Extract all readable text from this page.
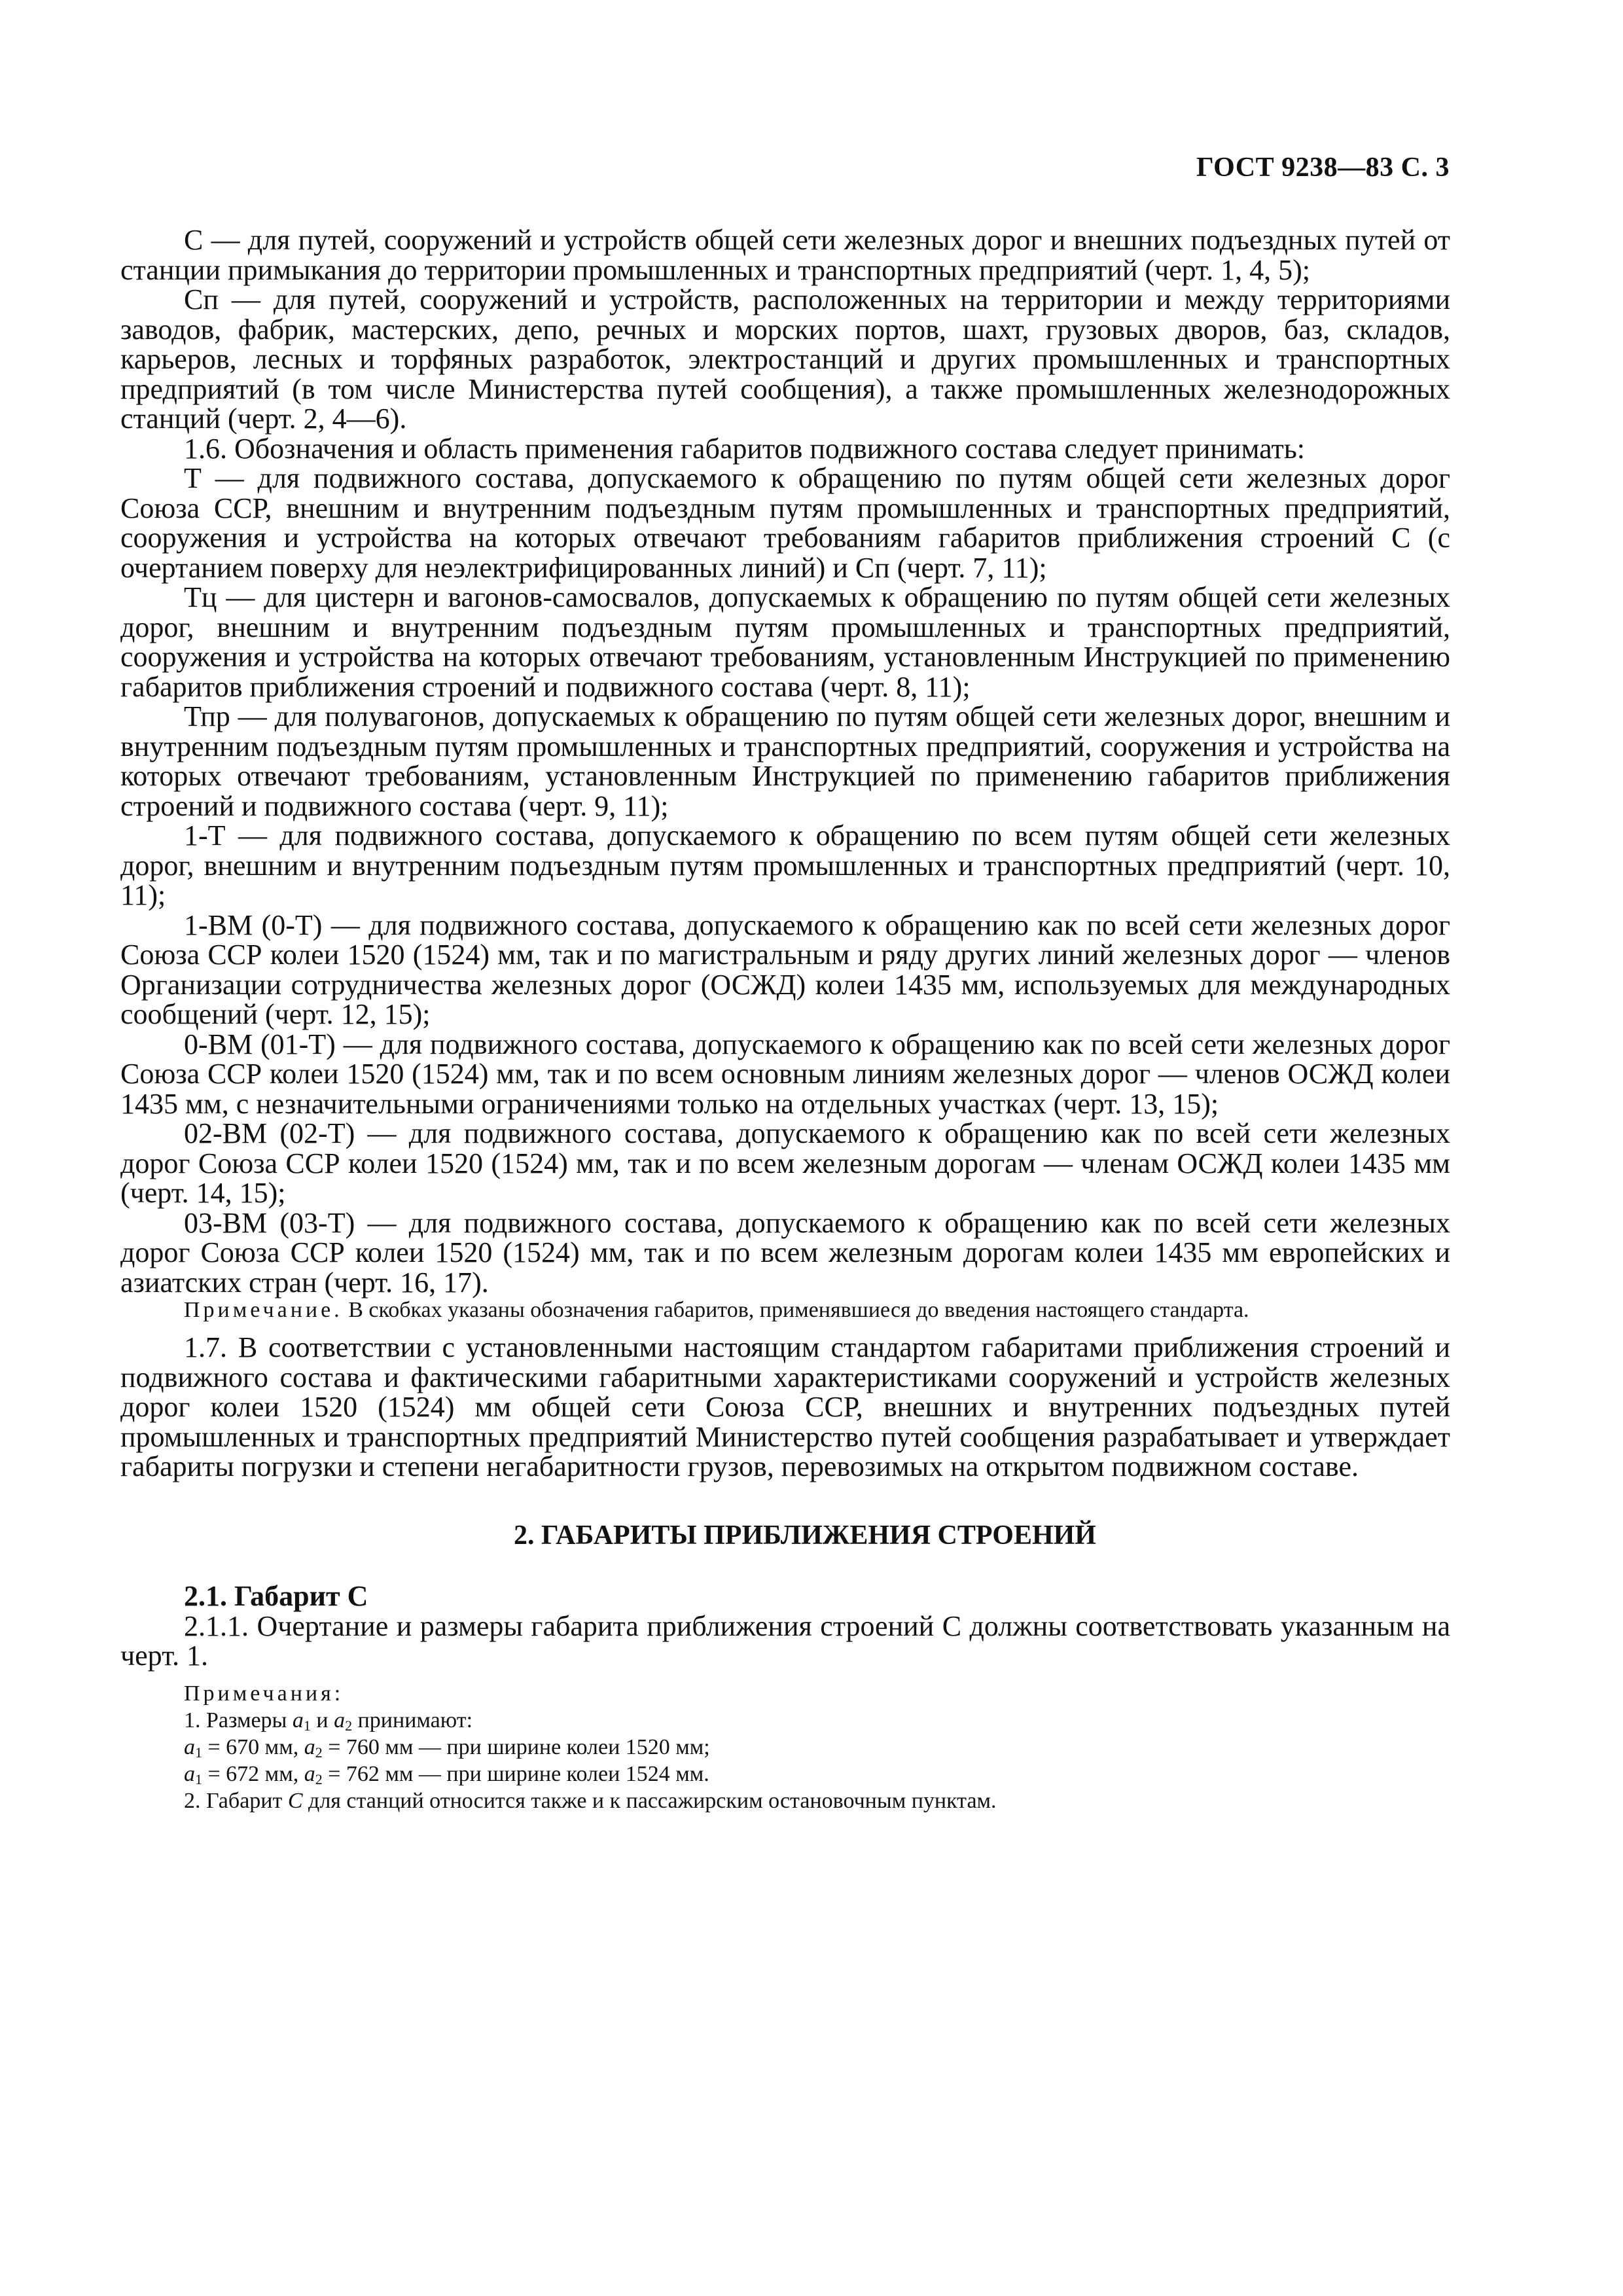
ГОСТ 9238—83 С. 3

С — для путей, сооружений и устройств общей сети железных дорог и внешних подъездных путей от станции примыкания до территории промышленных и транспортных предприятий (черт. 1, 4, 5);

Сп — для путей, сооружений и устройств, расположенных на территории и между территориями заводов, фабрик, мастерских, депо, речных и морских портов, шахт, грузовых дворов, баз, складов, карьеров, лесных и торфяных разработок, электростанций и других промышленных и транспортных предприятий (в том числе Министерства путей сообщения), а также промышленных железнодорожных станций (черт. 2, 4—6).

1.6. Обозначения и область применения габаритов подвижного состава следует принимать:

Т — для подвижного состава, допускаемого к обращению по путям общей сети железных дорог Союза ССР, внешним и внутренним подъездным путям промышленных и транспортных предприятий, сооружения и устройства на которых отвечают требованиям габаритов приближения строений С (с очертанием поверху для неэлектрифицированных линий) и Сп (черт. 7, 11);

Тц — для цистерн и вагонов-самосвалов, допускаемых к обращению по путям общей сети железных дорог, внешним и внутренним подъездным путям промышленных и транспортных предприятий, сооружения и устройства на которых отвечают требованиям, установленным Инструкцией по применению габаритов приближения строений и подвижного состава (черт. 8, 11);

Тпр — для полувагонов, допускаемых к обращению по путям общей сети железных дорог, внешним и внутренним подъездным путям промышленных и транспортных предприятий, сооружения и устройства на которых отвечают требованиям, установленным Инструкцией по применению габаритов приближения строений и подвижного состава (черт. 9, 11);

1-Т — для подвижного состава, допускаемого к обращению по всем путям общей сети железных дорог, внешним и внутренним подъездным путям промышленных и транспортных предприятий (черт. 10, 11);

1-ВМ (0-Т) — для подвижного состава, допускаемого к обращению как по всей сети железных дорог Союза ССР колеи 1520 (1524) мм, так и по магистральным и ряду других линий железных дорог — членов Организации сотрудничества железных дорог (ОСЖД) колеи 1435 мм, используемых для международных сообщений (черт. 12, 15);

0-ВМ (01-Т) — для подвижного состава, допускаемого к обращению как по всей сети железных дорог Союза ССР колеи 1520 (1524) мм, так и по всем основным линиям железных дорог — членов ОСЖД колеи 1435 мм, с незначительными ограничениями только на отдельных участках (черт. 13, 15);

02-ВМ (02-Т) — для подвижного состава, допускаемого к обращению как по всей сети железных дорог Союза ССР колеи 1520 (1524) мм, так и по всем железным дорогам — членам ОСЖД колеи 1435 мм (черт. 14, 15);

03-ВМ (03-Т) — для подвижного состава, допускаемого к обращению как по всей сети железных дорог Союза ССР колеи 1520 (1524) мм, так и по всем железным дорогам колеи 1435 мм европейских и азиатских стран (черт. 16, 17).

Примечание. В скобках указаны обозначения габаритов, применявшиеся до введения настоящего стандарта.

1.7. В соответствии с установленными настоящим стандартом габаритами приближения строений и подвижного состава и фактическими габаритными характеристиками сооружений и устройств железных дорог колеи 1520 (1524) мм общей сети Союза ССР, внешних и внутренних подъездных путей промышленных и транспортных предприятий Министерство путей сообщения разрабатывает и утверждает габариты погрузки и степени негабаритности грузов, перевозимых на открытом подвижном составе.

2. ГАБАРИТЫ ПРИБЛИЖЕНИЯ СТРОЕНИЙ
2.1. Габарит С

2.1.1. Очертание и размеры габарита приближения строений С должны соответствовать указанным на черт. 1.

Примечания:
1. Размеры $a_1$ и $a_2$ принимают:
$a_1 = 670$ мм, $a_2 = 760$ мм — при ширине колеи 1520 мм;
$a_1 = 672$ мм, $a_2 = 762$ мм — при ширине колеи 1524 мм.
2. Габарит С для станций относится также и к пассажирским остановочным пунктам.
